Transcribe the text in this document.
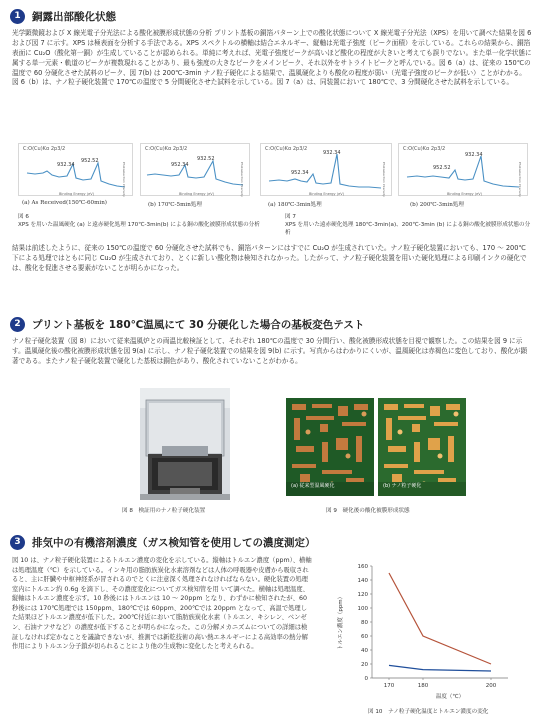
1	銅露出部酸化状態
光学顕微鏡および X 線光電子分光法による酸化被膜形成状態の分析 プリント基板の銅箔パターン上での酸化状態について X 線光電子分光法（XPS）を用いて調べた結果を図 6 および図 7 に示す。XPS は極表面を分析する手法である。XPS スペクトルの横軸は結合エネルギー、縦軸は光電子強度（ピーク面積）を示している。これらの結果から、銅箔表面に Cu₂O（酸化第一銅）が生成していることが認められる。単純に考えれば、光電子強度ピークが高いほど酸化の程度が大きいと考えても誤りでない。また単一化学状態に属する単一元素・軌道のピークが複数現れることがあり、最も強度の大きなピークをメインピーク、それ以外をサトライトピークと呼んでいる。図 6（a）は、従来の 150℃の温度で 60 分硬化させた試料のピーク、図 7(b) は 200℃-3min ナノ粒子硬化による結果で、温風硬化よりも酸化の程度が弱い（光電子強度のピークが低い）ことがわかる。図 6（b）は、ナノ粒子硬化装置で 170℃の温度で 5 分間硬化させた試料を示している。図 7（a）は、同装置において 180℃で、3 分間硬化させた試料を示している。
C:O(Cu)Kα 2p3/2
932.34
952.52
Binding Energy (eV)	Photoelectron Intensity (cps)
(a) As Received(150℃-60min)
C:O(Cu)Kα 2p3/2
952.34
932.52
Binding Energy (eV)	Photoelectron Intensity (cps)
(b) 170℃-5min処理
C:O(Cu)Kα 2p3/2
952.34
932.34
Binding Energy (eV)	Photoelectron Intensity (cps)
(a) 180℃-3min処理
C:O(Cu)Kα 2p3/2
952.52
932.34
Binding Energy (eV)	Photoelectron Intensity (cps)
(b) 200℃-3min処理
図 6
XPS を用いた温風硬化 (a) と遠赤硬化処理 170℃-3min(b) による銅の酸化被膜形成状態の分析
図 7
XPS を用いた遠赤硬化処理 180℃-3min(a)、200℃-3min (b) による銅の酸化被膜形成状態の分析
結果は前述したように、従来の 150℃の温度で 60 分硬化させた試料でも、銅箔パターンにはすでに Cu₂O が生成されていた。ナノ粒子硬化装置においても、170 ～ 200℃下による処理ではともに同じ Cu₂O が生成されており、とくに新しい酸化物は検知されなかった。したがって、ナノ粒子硬化装置を用いた硬化処理による印刷インクの硬化では、酸化を促進させる要素がないことが明らかになった。
2	プリント基板を 180℃温風にて 30 分硬化した場合の基板変色テスト
ナノ粒子硬化装置（図 8）において従来温風炉との両温比較検証として、それぞれ 180℃の温度で 30 分間行い、酸化被膜形成状態を目視で観察した。この結果を図 9 に示す。温風硬化後の酸化被膜形成状態を図 9(a) に示し、ナノ粒子硬化装置での結果を図 9(b) に示す。写真からはわかりにくいが、温風硬化は赤褐色に変色しており、酸化が顕著である。またナノ粒子硬化装置で硬化した基板は銅色があり、酸化されていないことがわかる。
図 8　検証用のナノ粒子硬化装置
(a) 従来型温風硬化	(b) ナノ粒子硬化
図 9　硬化後の酸化被膜形成状態
3	排気中の有機溶剤濃度（ガス検知管を使用しての濃度測定）
図 10 は、ナノ粒子硬化装置によるトルエン濃度の変化を示している。縦軸はトルエン濃度（ppm）、横軸は処理温度（℃）を示している。インキ用の脂肪族炭化水素溶剤などは人体の呼吸器や皮膚から吸収されると、主に肝臓や中枢神経系が冒されるのでとくに注意深く処理されなければならない。硬化装置の処理室内にトルエン約 0.6g を滴下し、その濃度変化についてガス検知管を用 いて調べた。横軸は処理温度、縦軸はトルエン濃度を示す。10 秒後にはトルエンは 10 ～ 20ppm となり、わずかに検知されたが、60 秒後には 170℃処理では 150ppm、180℃では 60ppm、200℃では 20ppm となって、高温で処理した結果ほどトルエン濃度が低下した。200℃付近において脂肪族炭化水素（トルエン、キシレン、ベンゼン、石油ナフサなど）の濃度が低下することが明らかになった。この分解メカニズムについての詳細は検証しなければ定かなことを議論できないが、推測では新乾技術の高い熱エネルギーによる高効率の熱分解作用によりトルエン分子鎖が切られることにより他の生成物に変化したと考えられる。
0
20
40
60
80
100
120
140
160
170	180	200
温度（℃）
トルエン濃度（ppm）
図 10　ナノ粒子硬化温度とトルエン濃度の変化
